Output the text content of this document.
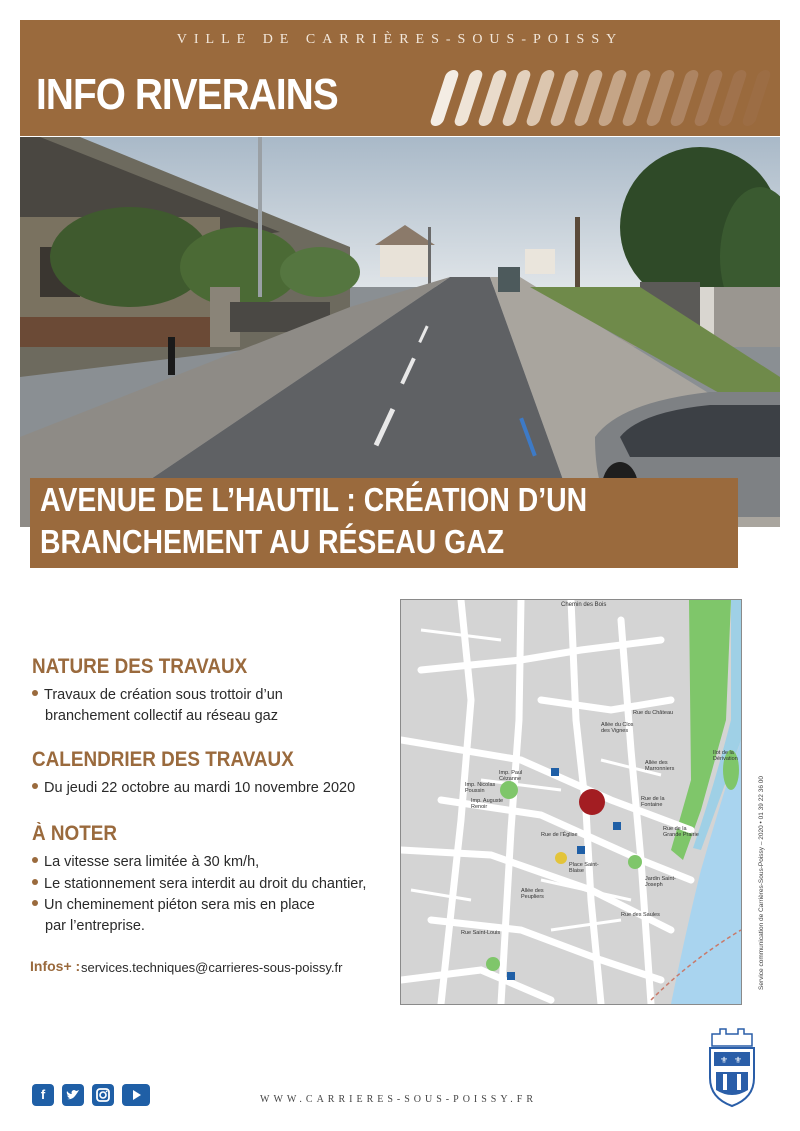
VILLE DE CARRIÈRES-SOUS-POISSY
INFO RIVERAINS
AVENUE DE L’HAUTIL : CRÉATION D’UN
BRANCHEMENT AU RÉSEAU GAZ
NATURE DES TRAVAUX
Travaux de création sous trottoir d’un
branchement collectif au réseau gaz
CALENDRIER DES TRAVAUX
Du jeudi 22 octobre au mardi 10 novembre 2020
À NOTER
La vitesse sera limitée à 30 km/h,
Le stationnement sera interdit au droit du chantier,
Un cheminement piéton sera mis en place
par l’entreprise.
Infos+ : services.techniques@carrieres-sous-poissy.fr
Chemin des Bois
Allée du Clos des Vignes
Imp. Paul Cézanne
Imp. Nicolas Poussin
Imp. Auguste Renoir
Allée des Marronniers
Rue de la Fontaine
Place Saint-Blaise
Jardin Saint-Joseph
Rue des Saules
Allée des Peupliers
Rue du Château
Rue de l'Église
Rue de la Grande Prairie
Rue Saint-Louis
Ilot de la Dérivation
Service communication de Carrières-Sous-Poissy – 2020 • 01 39 22 36 00
f	WWW.CARRIERES-SOUS-POISSY.FR
⚜ ⚜
